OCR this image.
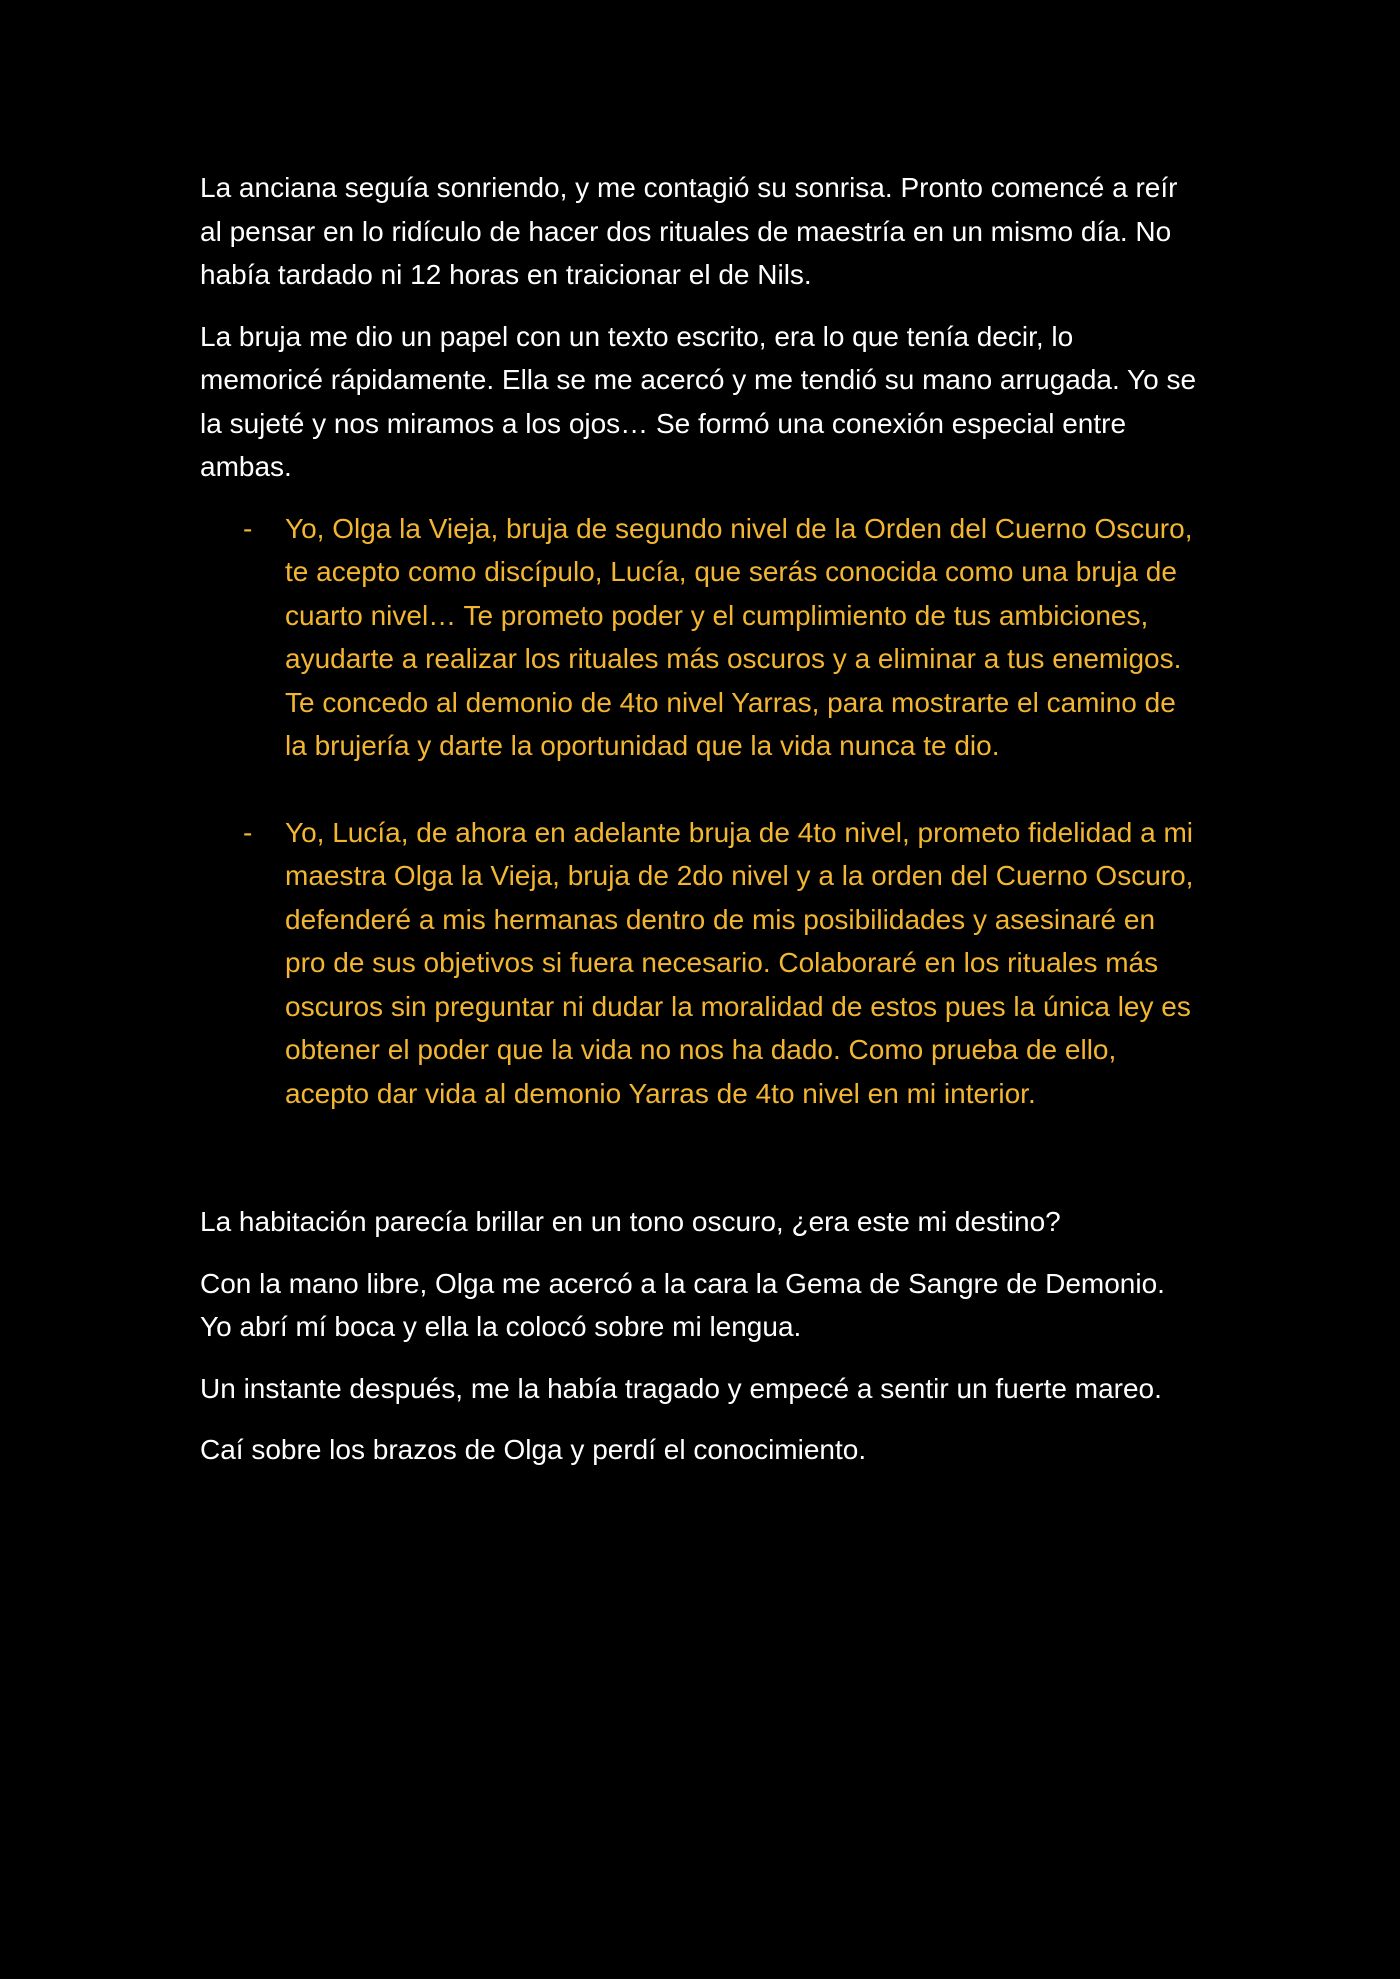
La anciana seguía sonriendo, y me contagió su sonrisa. Pronto comencé a reír al pensar en lo ridículo de hacer dos rituales de maestría en un mismo día. No había tardado ni 12 horas en traicionar el de Nils.

La bruja me dio un papel con un texto escrito, era lo que tenía decir, lo memoricé rápidamente. Ella se me acercó y me tendió su mano arrugada. Yo se la sujeté y nos miramos a los ojos… Se formó una conexión especial entre ambas.

- Yo, Olga la Vieja, bruja de segundo nivel de la Orden del Cuerno Oscuro, te acepto como discípulo, Lucía, que serás conocida como una bruja de cuarto nivel… Te prometo poder y el cumplimiento de tus ambiciones, ayudarte a realizar los rituales más oscuros y a eliminar a tus enemigos. Te concedo al demonio de 4to nivel Yarras, para mostrarte el camino de la brujería y darte la oportunidad que la vida nunca te dio.
- Yo, Lucía, de ahora en adelante bruja de 4to nivel, prometo fidelidad a mi maestra Olga la Vieja, bruja de 2do nivel y a la orden del Cuerno Oscuro, defenderé a mis hermanas dentro de mis posibilidades y asesinaré en pro de sus objetivos si fuera necesario. Colaboraré en los rituales más oscuros sin preguntar ni dudar la moralidad de estos pues la única ley es obtener el poder que la vida no nos ha dado. Como prueba de ello, acepto dar vida al demonio Yarras de 4to nivel en mi interior.

La habitación parecía brillar en un tono oscuro, ¿era este mi destino?

Con la mano libre, Olga me acercó a la cara la Gema de Sangre de Demonio. Yo abrí mí boca y ella la colocó sobre mi lengua.

Un instante después, me la había tragado y empecé a sentir un fuerte mareo.

Caí sobre los brazos de Olga y perdí el conocimiento.
